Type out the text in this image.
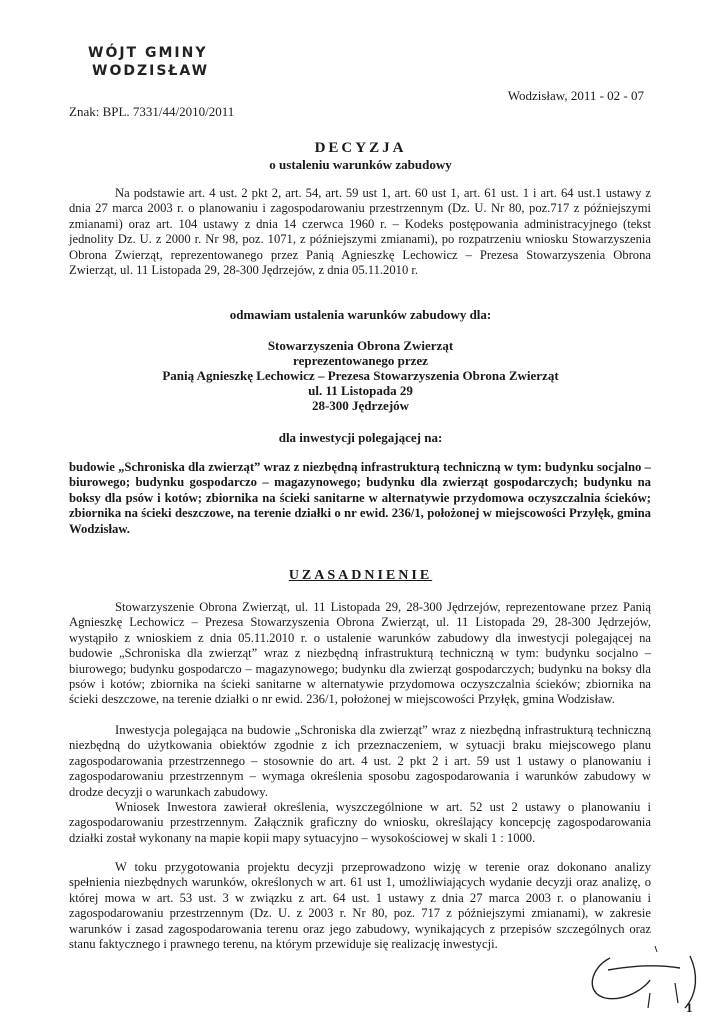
WÓJT GMINY
WODZISŁAW
Wodzisław, 2011 - 02 - 07
Znak: BPL. 7331/44/2010/2011
DECYZJA
o ustaleniu warunków zabudowy

Na podstawie art. 4 ust. 2 pkt 2, art. 54, art. 59 ust 1, art. 60 ust 1, art. 61 ust. 1 i art. 64 ust.1 ustawy z dnia 27 marca 2003 r. o planowaniu i zagospodarowaniu przestrzennym (Dz. U. Nr 80, poz.717 z późniejszymi zmianami) oraz art. 104 ustawy z dnia 14 czerwca 1960 r. – Kodeks postępowania administracyjnego (tekst jednolity Dz. U. z 2000 r. Nr 98, poz. 1071, z późniejszymi zmianami), po rozpatrzeniu wniosku Stowarzyszenia Obrona Zwierząt, reprezentowanego przez Panią Agnieszkę Lechowicz – Prezesa Stowarzyszenia Obrona Zwierząt, ul. 11 Listopada 29, 28-300 Jędrzejów, z dnia 05.11.2010 r.

odmawiam ustalenia warunków zabudowy dla:
Stowarzyszenia Obrona Zwierząt
reprezentowanego przez
Panią Agnieszkę Lechowicz – Prezesa Stowarzyszenia Obrona Zwierząt
ul. 11 Listopada 29
28-300 Jędrzejów
dla inwestycji polegającej na:

budowie „Schroniska dla zwierząt” wraz z niezbędną infrastrukturą techniczną w tym: budynku socjalno – biurowego; budynku gospodarczo – magazynowego; budynku dla zwierząt gospodarczych; budynku na boksy dla psów i kotów; zbiornika na ścieki sanitarne w alternatywie przydomowa oczyszczalnia ścieków; zbiornika na ścieki deszczowe, na terenie działki o nr ewid. 236/1, położonej w miejscowości Przyłęk, gmina Wodzisław.

UZASADNIENIE

Stowarzyszenie Obrona Zwierząt, ul. 11 Listopada 29, 28-300 Jędrzejów, reprezentowane przez Panią Agnieszkę Lechowicz – Prezesa Stowarzyszenia Obrona Zwierząt, ul. 11 Listopada 29, 28-300 Jędrzejów, wystąpiło z wnioskiem z dnia 05.11.2010 r. o ustalenie warunków zabudowy dla inwestycji polegającej na budowie „Schroniska dla zwierząt” wraz z niezbędną infrastrukturą techniczną w tym: budynku socjalno – biurowego; budynku gospodarczo – magazynowego; budynku dla zwierząt gospodarczych; budynku na boksy dla psów i kotów; zbiornika na ścieki sanitarne w alternatywie przydomowa oczyszczalnia ścieków; zbiornika na ścieki deszczowe, na terenie działki o nr ewid. 236/1, położonej w miejscowości Przyłęk, gmina Wodzisław.

Inwestycja polegająca na budowie „Schroniska dla zwierząt” wraz z niezbędną infrastrukturą techniczną niezbędną do użytkowania obiektów zgodnie z ich przeznaczeniem, w sytuacji braku miejscowego planu zagospodarowania przestrzennego – stosownie do art. 4 ust. 2 pkt 2 i art. 59 ust 1 ustawy o planowaniu i zagospodarowaniu przestrzennym – wymaga określenia sposobu zagospodarowania i warunków zabudowy w drodze decyzji o warunkach zabudowy.

Wniosek Inwestora zawierał określenia, wyszczególnione w art. 52 ust 2 ustawy o planowaniu i zagospodarowaniu przestrzennym. Załącznik graficzny do wniosku, określający koncepcję zagospodarowania działki został wykonany na mapie kopii mapy sytuacyjno – wysokościowej w skali 1 : 1000.

W toku przygotowania projektu decyzji przeprowadzono wizję w terenie oraz dokonano analizy spełnienia niezbędnych warunków, określonych w art. 61 ust 1, umożliwiających wydanie decyzji oraz analizę, o której mowa w art. 53 ust. 3 w związku z art. 64 ust. 1 ustawy z dnia 27 marca 2003 r. o planowaniu i zagospodarowaniu przestrzennym (Dz. U. z 2003 r. Nr 80, poz. 717 z późniejszymi zmianami), w zakresie warunków i zasad zagospodarowania terenu oraz jego zabudowy, wynikających z przepisów szczególnych oraz stanu faktycznego i prawnego terenu, na którym przewiduje się realizację inwestycji.

1
